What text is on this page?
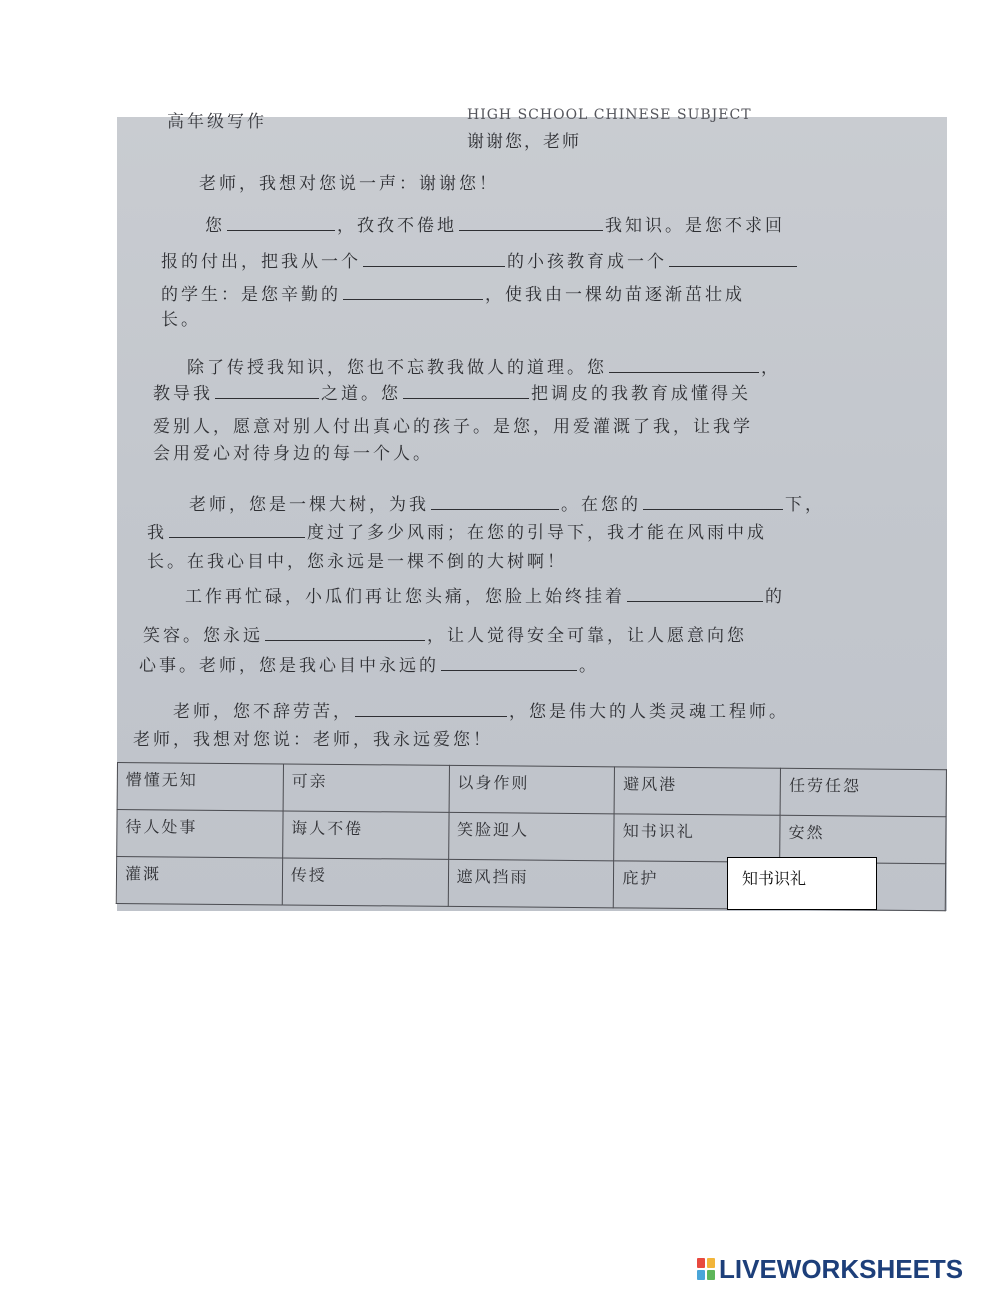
高年级写作	HIGH SCHOOL CHINESE SUBJECT
谢谢您，老师
老师，我想对您说一声：谢谢您！
您	，孜孜不倦地	我知识。是您不求回
报的付出，把我从一个	的小孩教育成一个
的学生：是您辛勤的	，使我由一棵幼苗逐渐茁壮成
长。
除了传授我知识，您也不忘教我做人的道理。您	，
教导我	之道。您	把调皮的我教育成懂得关
爱别人，愿意对别人付出真心的孩子。是您，用爱灌溉了我，让我学
会用爱心对待身边的每一个人。
老师，您是一棵大树，为我	。在您的	下，
我	度过了多少风雨；在您的引导下，我才能在风雨中成
长。在我心目中，您永远是一棵不倒的大树啊！
工作再忙碌，小瓜们再让您头痛，您脸上始终挂着	的
笑容。您永远	，让人觉得安全可靠，让人愿意向您
心事。老师，您是我心目中永远的	。
老师，您不辞劳苦，	，您是伟大的人类灵魂工程师。
老师，我想对您说：老师，我永远爱您！
懵懂无知	可亲	以身作则	避风港	任劳任怨
待人处事	诲人不倦	笑脸迎人	知书识礼	安然
灌溉	传授	遮风挡雨	庇护		知书识礼
LIVEWORKSHEETS
